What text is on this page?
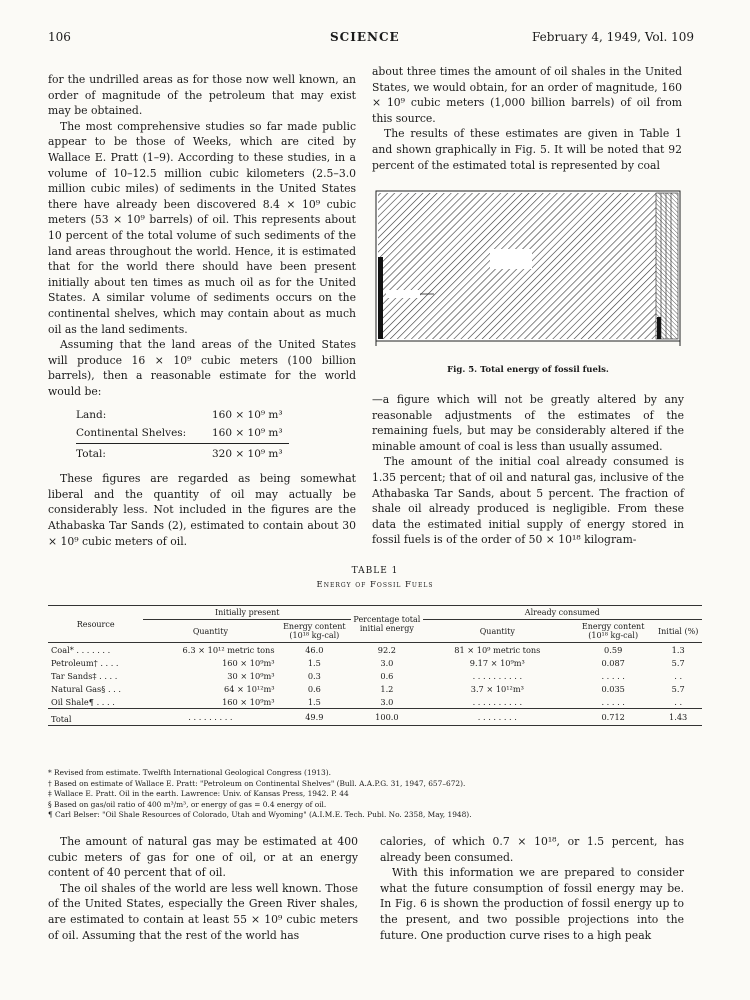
106	SCIENCE	February 4, 1949, Vol. 109

for the undrilled areas as for those now well known, an order of magnitude of the petroleum that may exist may be obtained.

The most comprehensive studies so far made public appear to be those of Weeks, which are cited by Wallace E. Pratt (1–9). According to these studies, in a volume of 10–12.5 million cubic kilometers (2.5–3.0 million cubic miles) of sediments in the United States there have already been discovered 8.4 × 10⁹ cubic meters (53 × 10⁹ barrels) of oil. This represents about 10 percent of the total volume of such sediments of the land areas throughout the world. Hence, it is estimated that for the world there should have been present initially about ten times as much oil as for the United States. A similar volume of sediments occurs on the continental shelves, which may contain about as much oil as the land sediments.

Assuming that the land areas of the United States will produce 16 × 10⁹ cubic meters (100 billion barrels), then a reasonable estimate for the world would be:

Land:	160 × 10⁹ m³
Continental Shelves:	160 × 10⁹ m³
Total:	320 × 10⁹ m³

These figures are regarded as being somewhat liberal and the quantity of oil may actually be considerably less. Not included in the figures are the Athabaska Tar Sands (2), estimated to contain about 30 × 10⁹ cubic meters of oil.

about three times the amount of oil shales in the United States, we would obtain, for an order of magnitude, 160 × 10⁹ cubic meters (1,000 billion barrels) of oil from this source.

The results of these estimates are given in Table 1 and shown graphically in Fig. 5. It will be noted that 92 percent of the estimated total is represented by coal

Fig. 5. Total energy of fossil fuels.

—a figure which will not be greatly altered by any reasonable adjustments of the estimates of the remaining fuels, but may be considerably altered if the minable amount of coal is less than usually assumed.

The amount of the initial coal already consumed is 1.35 percent; that of oil and natural gas, inclusive of the Athabaska Tar Sands, about 5 percent. The fraction of shale oil already produced is negligible. From these data the estimated initial supply of energy stored in fossil fuels is of the order of 50 × 10¹⁸ kilogram-

TABLE 1
Energy of Fossil Fuels
Resource	Initially present		Percentage total initial energy	Already consumed		
	Quantity	Energy content (10¹⁸ kg-cal)		Quantity	Energy content (10¹⁸ kg-cal)	Initial (%)
Coal* . . . . . . .	6.3 × 10¹² metric tons	46.0	92.2	81 × 10⁹ metric tons	0.59	1.3
Petroleum† . . . .	160 × 10⁹m³	1.5	3.0	9.17 × 10⁹m³	0.087	5.7
Tar Sands‡ . . . .	30 × 10⁹m³	0.3	0.6	. . . . . . . . . .	. . . . .	. .
Natural Gas§ . . .	64 × 10¹²m³	0.6	1.2	3.7 × 10¹²m³	0.035	5.7
Oil Shale¶ . . . .	160 × 10⁹m³	1.5	3.0	. . . . . . . . . .	. . . . .	. .
Total	. . . . . . . . .	49.9	100.0	. . . . . . . .	0.712	1.43
* Revised from estimate. Twelfth International Geological Congress (1913).
† Based on estimate of Wallace E. Pratt: "Petroleum on Continental Shelves" (Bull. A.A.P.G. 31, 1947, 657–672).
‡ Wallace E. Pratt. Oil in the earth. Lawrence: Univ. of Kansas Press, 1942. P. 44
§ Based on gas/oil ratio of 400 m³/m³, or energy of gas = 0.4 energy of oil.
¶ Carl Belser: "Oil Shale Resources of Colorado, Utah and Wyoming" (A.I.M.E. Tech. Publ. No. 2358, May, 1948).

The amount of natural gas may be estimated at 400 cubic meters of gas for one of oil, or at an energy content of 40 percent that of oil.

The oil shales of the world are less well known. Those of the United States, especially the Green River shales, are estimated to contain at least 55 × 10⁹ cubic meters of oil. Assuming that the rest of the world has

calories, of which 0.7 × 10¹⁸, or 1.5 percent, has already been consumed.

With this information we are prepared to consider what the future consumption of fossil energy may be. In Fig. 6 is shown the production of fossil energy up to the present, and two possible projections into the future. One production curve rises to a high peak
